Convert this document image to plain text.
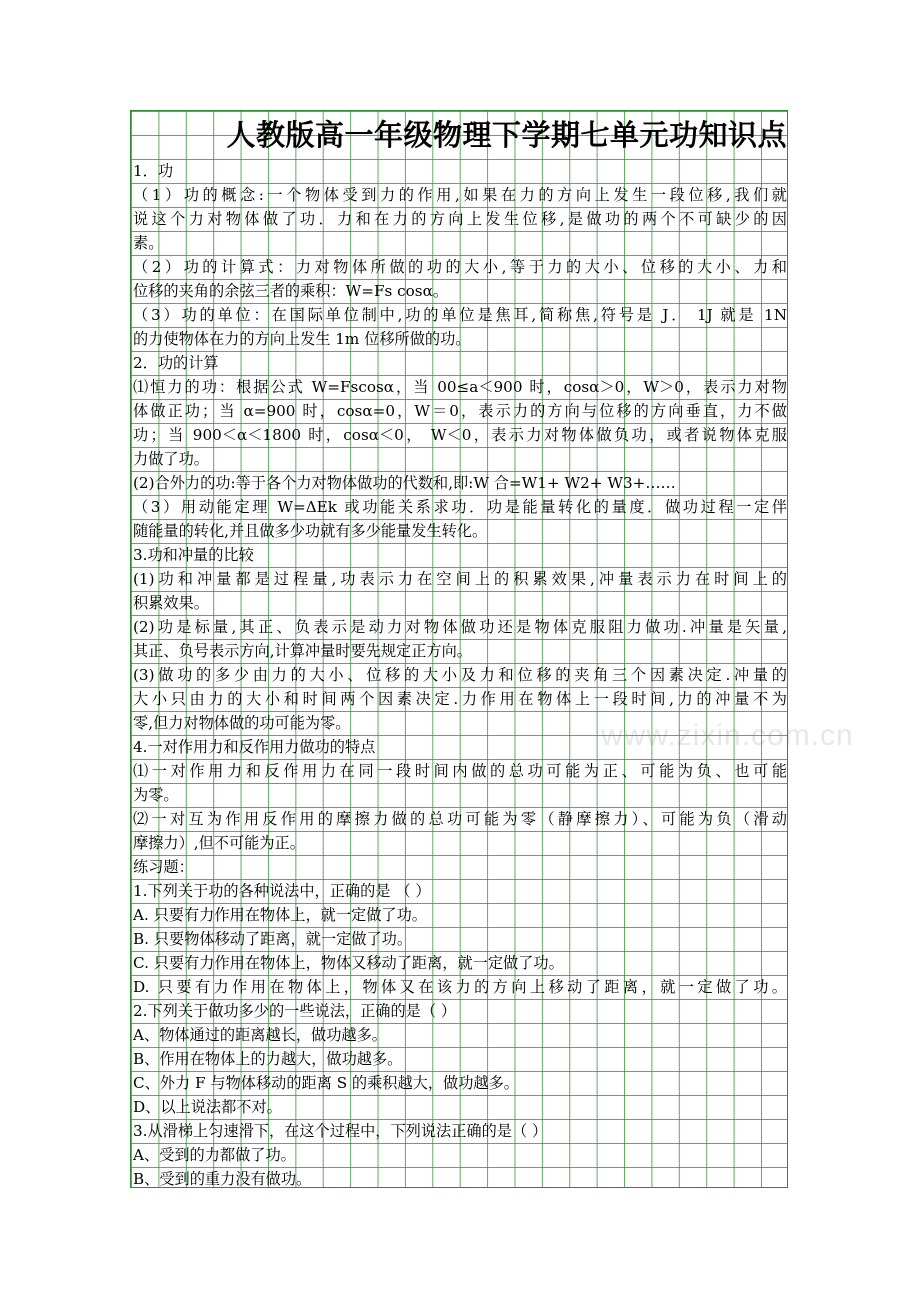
人教版高一年级物理下学期七单元功知识点
1．功
（1）功的概念:一个物体受到力的作用,如果在力的方向上发生一段位移,我们就
说这个力对物体做了功．力和在力的方向上发生位移,是做功的两个不可缺少的因
素。
（2）功的计算式：力对物体所做的功的大小,等于力的大小、位移的大小、力和
位移的夹角的余弦三者的乘积：W=Fs cosα。
（3）功的单位：在国际单位制中,功的单位是焦耳,简称焦,符号是 J． 1J 就是 1N
的力使物体在力的方向上发生 1m 位移所做的功。
2．功的计算
⑴恒力的功：根据公式 W=Fscosα，当 00≤a＜900 时，cosα＞0，W＞0，表示力对物
体做正功；当 α=900 时，cosα=0，W＝0，表示力的方向与位移的方向垂直，力不做
功；当 900＜α＜1800 时，cosα＜0， W＜0，表示力对物体做负功，或者说物体克服
力做了功。
(2)合外力的功:等于各个力对物体做功的代数和,即:W 合=W1+ W2+ W3+……
（3）用动能定理 W=ΔEk 或功能关系求功．功是能量转化的量度．做功过程一定伴
随能量的转化,并且做多少功就有多少能量发生转化。
3.功和冲量的比较
(1)功和冲量都是过程量,功表示力在空间上的积累效果,冲量表示力在时间上的
积累效果。
(2)功是标量,其正、负表示是动力对物体做功还是物体克服阻力做功.冲量是矢量,
其正、负号表示方向,计算冲量时要先规定正方向。
(3)做功的多少由力的大小、位移的大小及力和位移的夹角三个因素决定.冲量的
大小只由力的大小和时间两个因素决定.力作用在物体上一段时间,力的冲量不为
零,但力对物体做的功可能为零。
4.一对作用力和反作用力做功的特点
⑴一对作用力和反作用力在同一段时间内做的总功可能为正、可能为负、也可能
为零。
⑵一对互为作用反作用的摩擦力做的总功可能为零（静摩擦力）、可能为负（滑动
摩擦力）,但不可能为正。
练习题：
1.下列关于功的各种说法中，正确的是 （ ）
A. 只要有力作用在物体上，就一定做了功。
B. 只要物体移动了距离，就一定做了功。
C. 只要有力作用在物体上，物体又移动了距离，就一定做了功。
D. 只要有力作用在物体上，物体又在该力的方向上移动了距离，就一定做了功。
2.下列关于做功多少的一些说法，正确的是（ ）
A、物体通过的距离越长，做功越多。
B、作用在物体上的力越大，做功越多。
C、外力 F 与物体移动的距离 S 的乘积越大，做功越多。
D、以上说法都不对。
3.从滑梯上匀速滑下，在这个过程中，下列说法正确的是（ ）
A、受到的力都做了功。
B、受到的重力没有做功。
www.zixin.com.cn
